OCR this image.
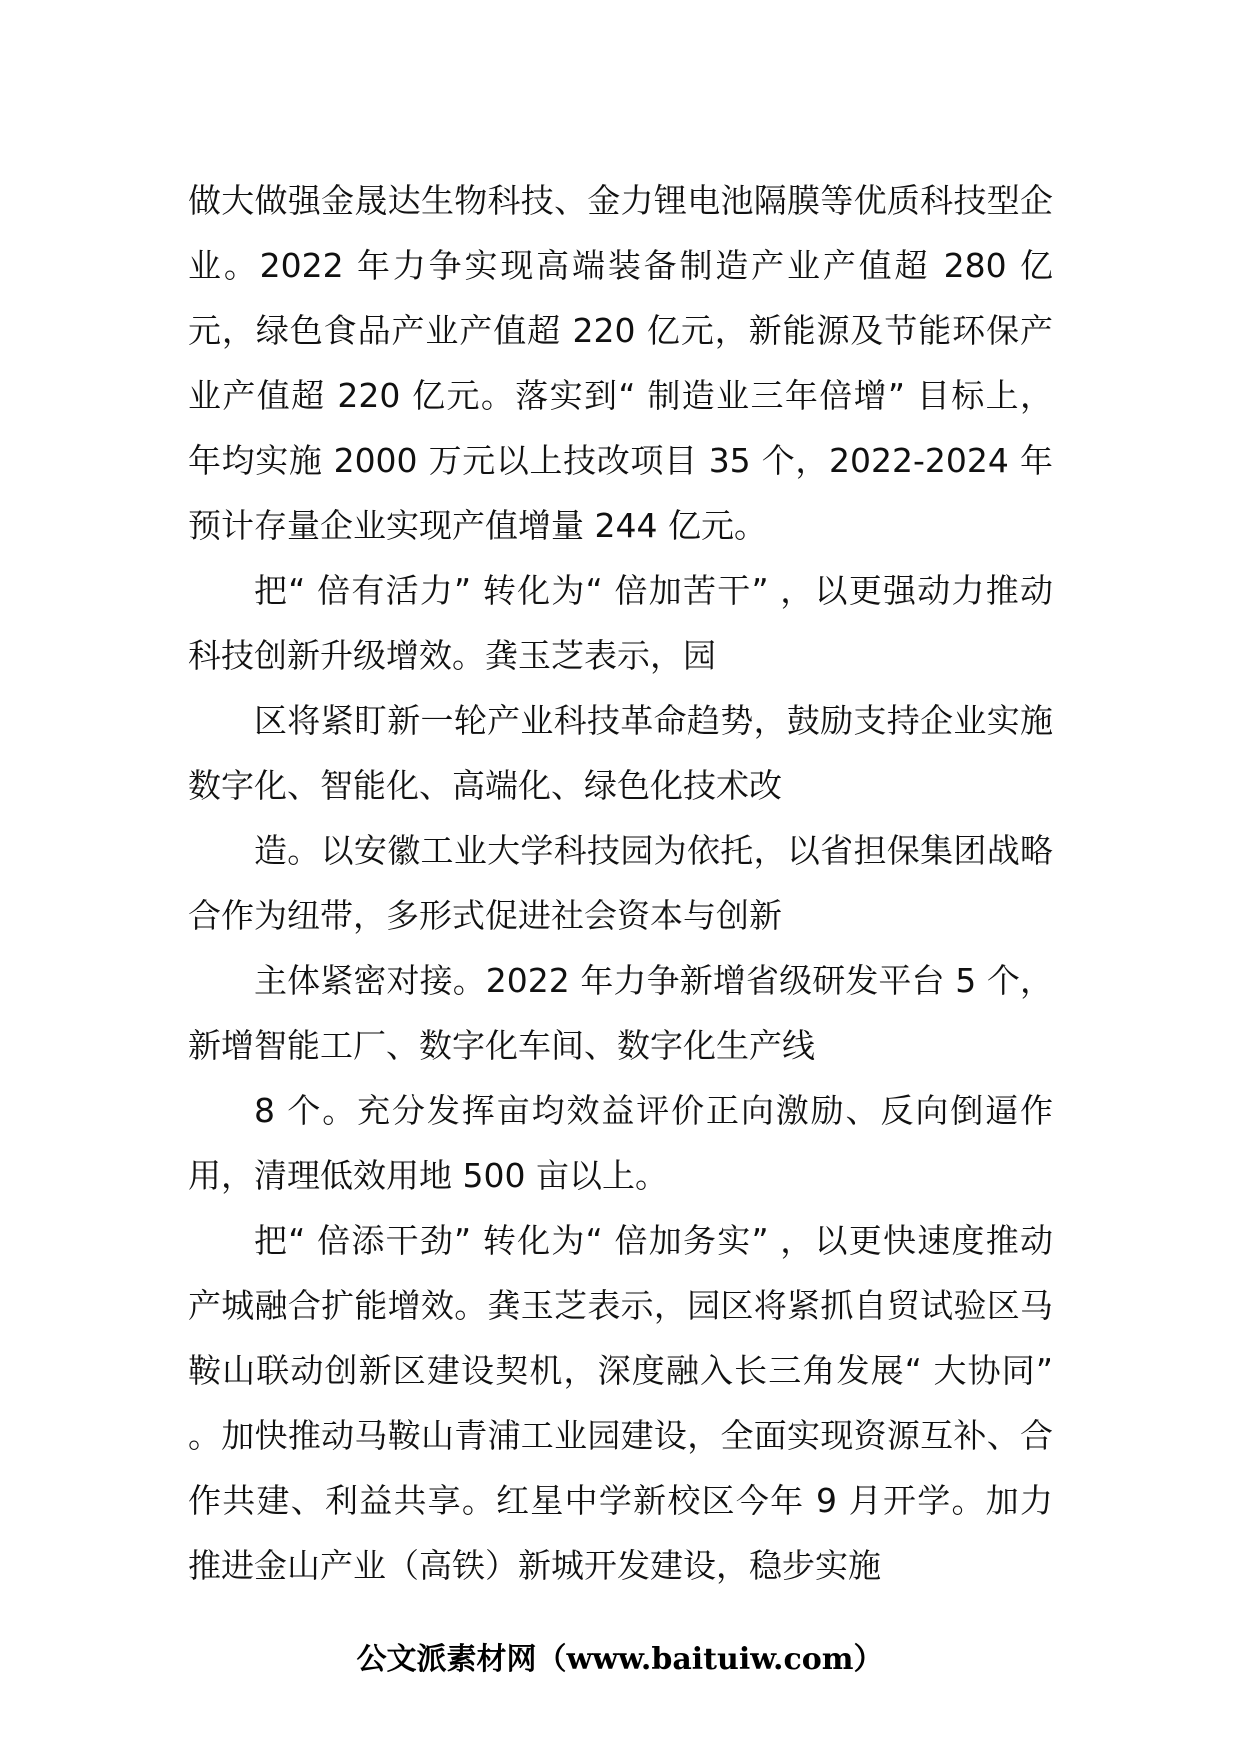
做大做强金晟达生物科技、金力锂电池隔膜等优质科技型企业。2022 年力争实现高端装备制造产业产值超 280 亿元，绿色食品产业产值超 220 亿元，新能源及节能环保产业产值超 220 亿元。落实到“ 制造业三年倍增” 目标上，年均实施 2000 万元以上技改项目 35 个，2022-2024 年预计存量企业实现产值增量 244 亿元。

把“ 倍有活力” 转化为“ 倍加苦干” ，以更强动力推动科技创新升级增效。龚玉芝表示，园

区将紧盯新一轮产业科技革命趋势，鼓励支持企业实施数字化、智能化、高端化、绿色化技术改

造。以安徽工业大学科技园为依托，以省担保集团战略合作为纽带，多形式促进社会资本与创新

主体紧密对接。2022 年力争新增省级研发平台 5 个，新增智能工厂、数字化车间、数字化生产线

8 个。充分发挥亩均效益评价正向激励、反向倒逼作用，清理低效用地 500 亩以上。

把“ 倍添干劲” 转化为“ 倍加务实” ，以更快速度推动产城融合扩能增效。龚玉芝表示，园区将紧抓自贸试验区马鞍山联动创新区建设契机，深度融入长三角发展“ 大协同” 。加快推动马鞍山青浦工业园建设，全面实现资源互补、合作共建、利益共享。红星中学新校区今年 9 月开学。加力推进金山产业（高铁）新城开发建设，稳步实施

公文派素材网（www.baituiw.com）
